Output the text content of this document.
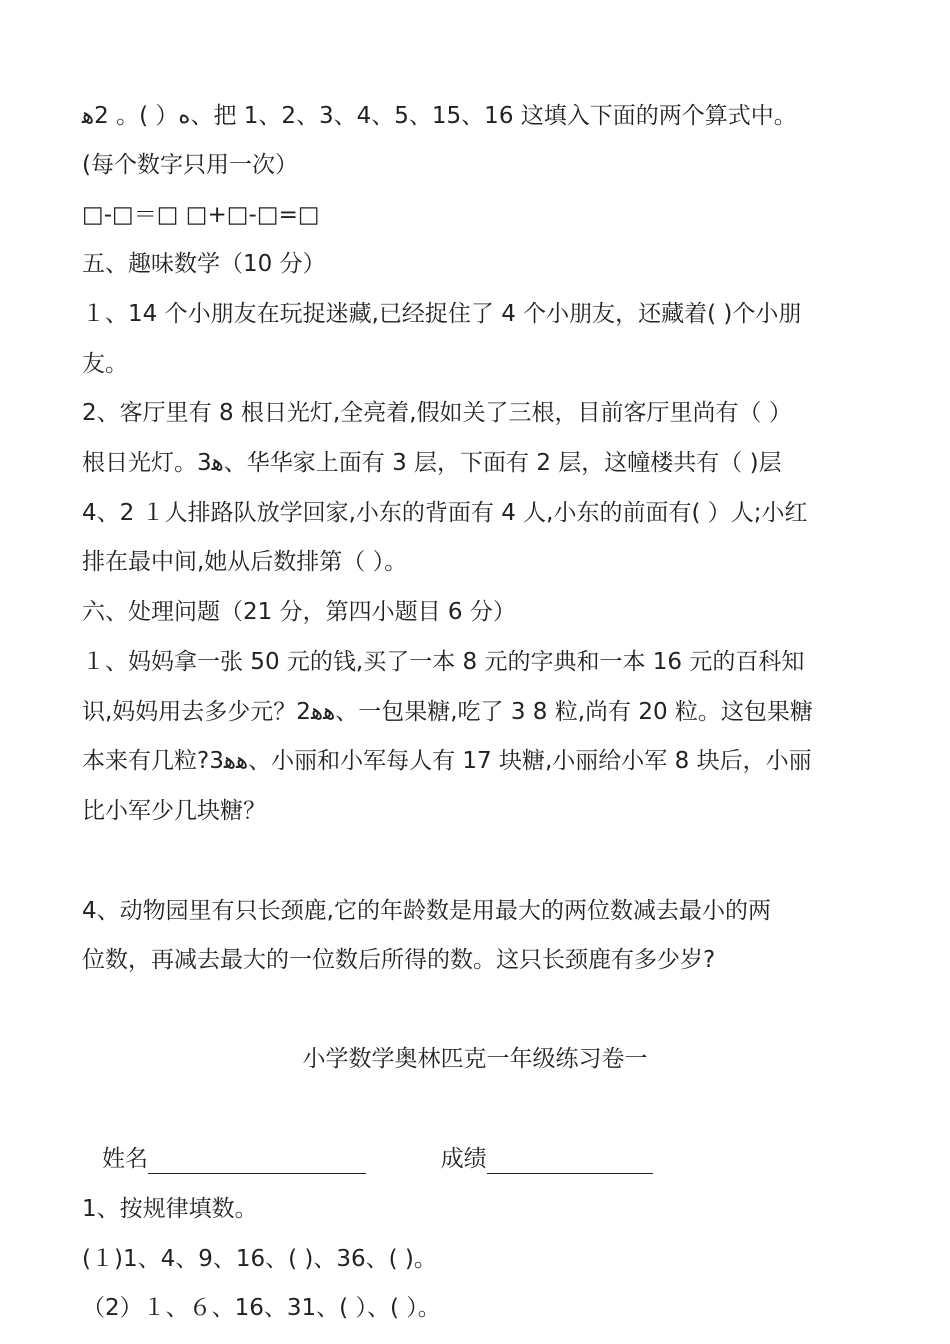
ه（ )。 2ﻫ、把 1、2、3、4、5、15、16 这填入下面的两个算式中。
(每个数字只用一次）
□-□＝□ □+□-□=□
五、趣味数学（10 分）
１、14 个小朋友在玩捉迷藏,已经捉住了 4 个小朋友，还藏着( )个小朋
友。
2、客厅里有 8 根日光灯,全亮着,假如关了三根，目前客厅里尚有（ ）
根日光灯。3ﻫ、华华家上面有 3 层，下面有 2 层，这幢楼共有（ )层
4、2 １人排路队放学回家,小东的背面有 4 人,小东的前面有( ）人;小红
排在最中间,她从后数排第（ ）。
六、处理问题（21 分，第四小题目 6 分）
１、妈妈拿一张 50 元的钱,买了一本 8 元的字典和一本 16 元的百科知
识,妈妈用去多少元？2ﻫﻫ、一包果糖,吃了 3 8 粒,尚有 20 粒。这包果糖
本来有几粒?3ﻫﻫ、小丽和小军每人有 17 块糖,小丽给小军 8 块后，小丽
比小军少几块糖？
4、动物园里有只长颈鹿,它的年龄数是用最大的两位数减去最小的两
位数，再减去最大的一位数后所得的数。这只长颈鹿有多少岁?
小学数学奥林匹克一年级练习卷一
姓名	成绩
1、按规律填数。
(１)1、4、9、16、( )、36、( )。
（2）１、６、16、31、( ）、( ）。
